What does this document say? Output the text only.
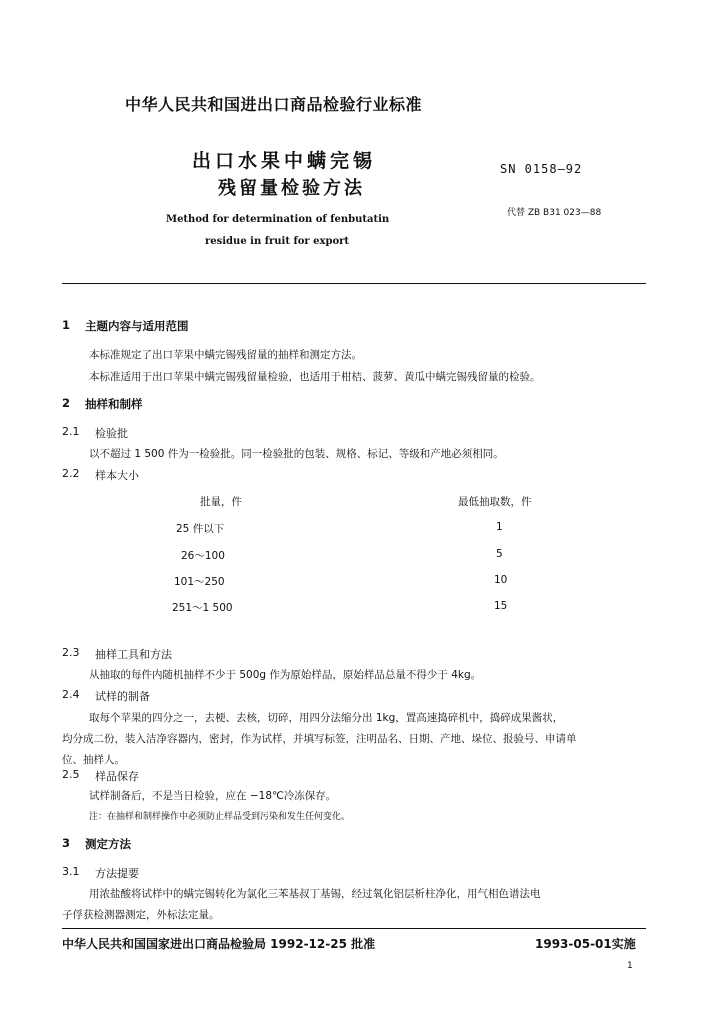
中华人民共和国进出口商品检验行业标准
出口水果中螨完锡
残留量检验方法
Method for determination of fenbutatin
residue in fruit for export
SN 0158—92
代替 ZB B31 023—88
1 主题内容与适用范围
本标准规定了出口苹果中螨完锡残留量的抽样和测定方法。
本标准适用于出口苹果中螨完锡残留量检验，也适用于柑桔、菠萝、黄瓜中螨完锡残留量的检验。
2 抽样和制样
2.1 检验批
以不超过 1 500 件为一检验批。同一检验批的包装、规格、标记、等级和产地必须相同。
2.2 样本大小
批量，件	最低抽取数，件
25 件以下	1
26～100	5
101～250	10
251～1 500	15
2.3 抽样工具和方法
从抽取的每件内随机抽样不少于 500g 作为原始样品，原始样品总量不得少于 4kg。
2.4 试样的制备
取每个苹果的四分之一，去梗、去核，切碎，用四分法缩分出 1kg，置高速捣碎机中，捣碎成果酱状，
均分成二份，装入洁净容器内，密封，作为试样，并填写标签，注明品名、日期、产地、垛位、报验号、申请单
位、抽样人。
2.5 样品保存
试样制备后，不是当日检验，应在 −18℃冷冻保存。
注：在抽样和制样操作中必须防止样品受到污染和发生任何变化。
3 测定方法
3.1 方法提要
用浓盐酸将试样中的螨完锡转化为氯化三苯基叔丁基锡，经过氧化铝层析柱净化，用气相色谱法电
子俘获检测器测定，外标法定量。
中华人民共和国国家进出口商品检验局 1992-12-25 批准	1993-05-01实施
1
